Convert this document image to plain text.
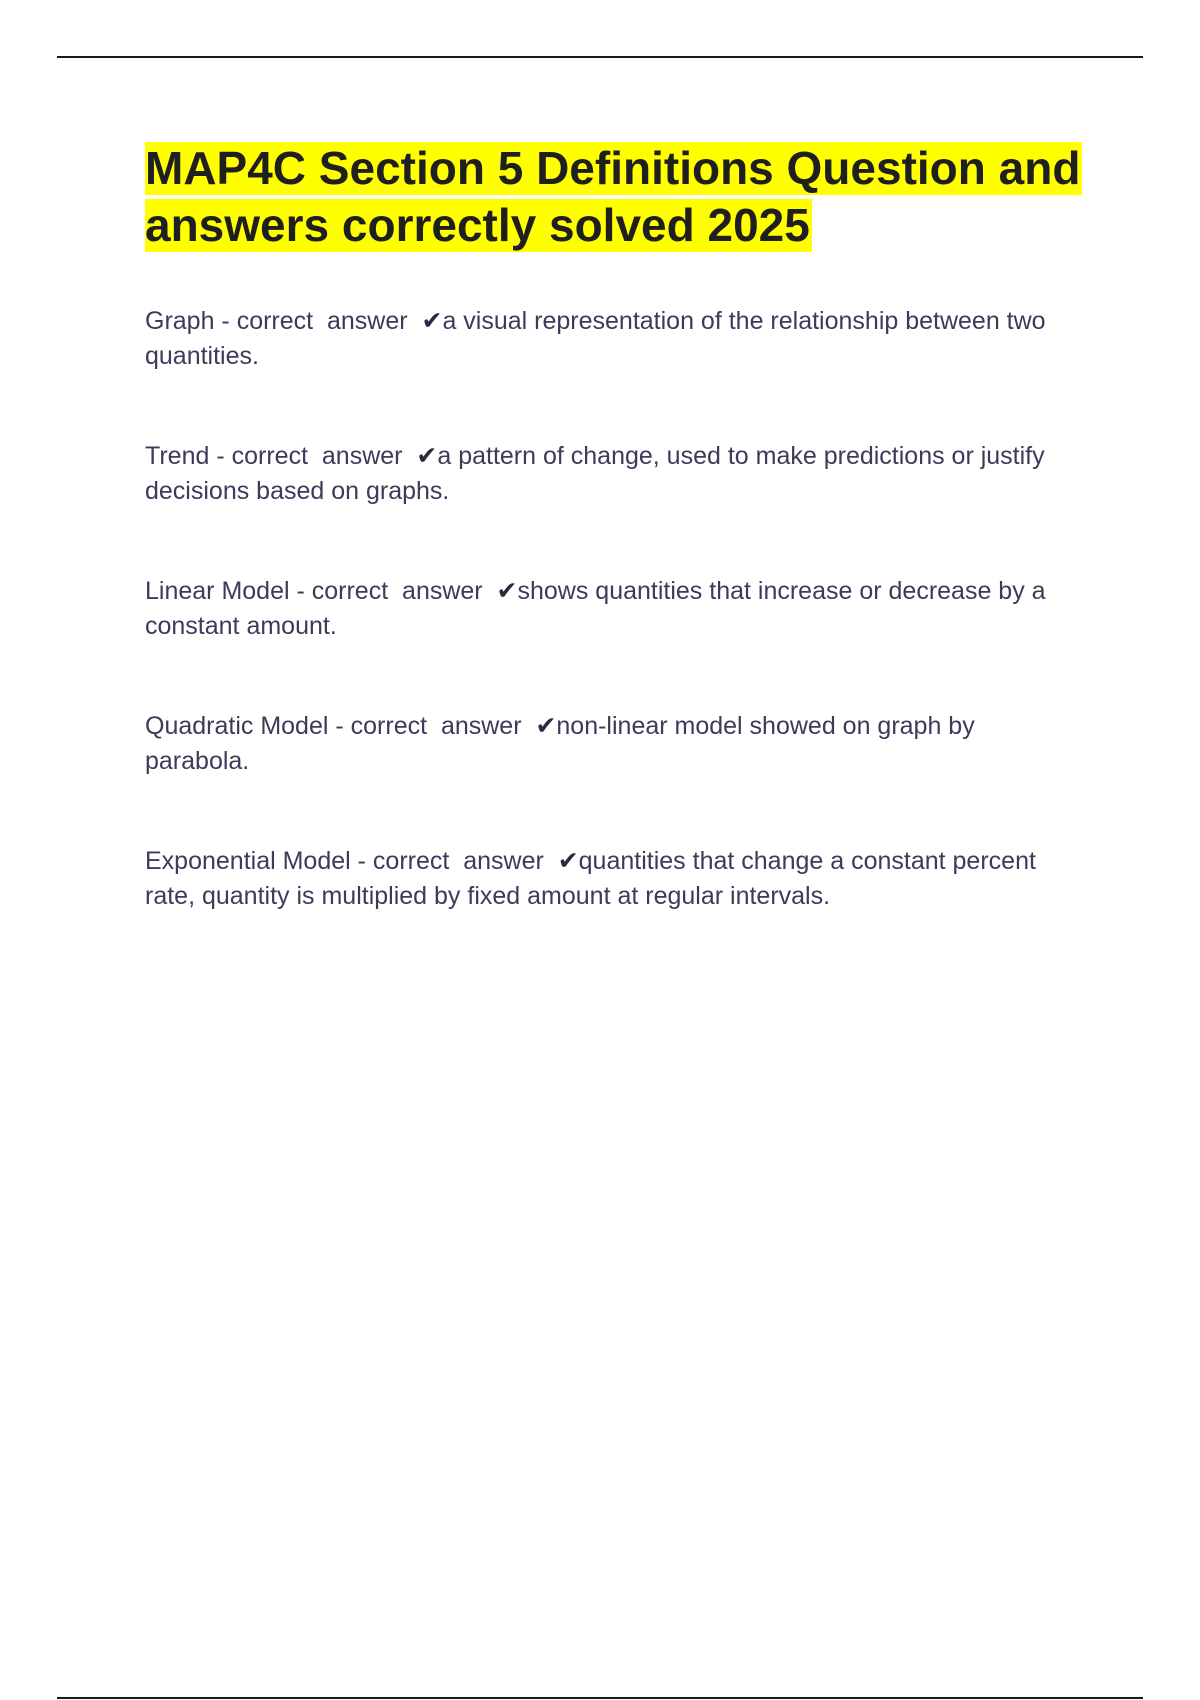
MAP4C Section 5 Definitions Question and answers correctly solved 2025

Graph - correct  answer  ✔a visual representation of the relationship between two quantities.

Trend - correct  answer  ✔a pattern of change, used to make predictions or justify decisions based on graphs.

Linear Model - correct  answer  ✔shows quantities that increase or decrease by a constant amount.

Quadratic Model - correct  answer  ✔non-linear model showed on graph by parabola.

Exponential Model - correct  answer  ✔quantities that change a constant percent rate, quantity is multiplied by fixed amount at regular intervals.
